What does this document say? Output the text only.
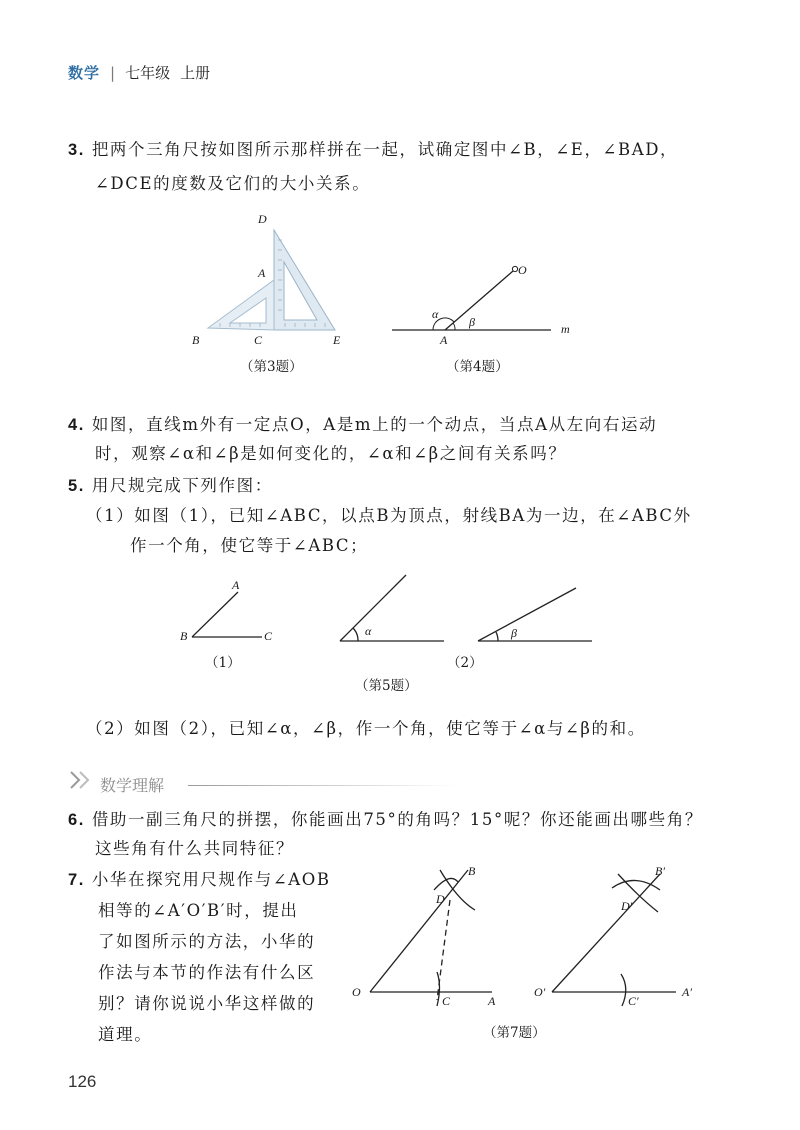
数学 | 七年级 上册
3. 把两个三角尺按如图所示那样拼在一起，试确定图中∠B，∠E，∠BAD，
∠DCE的度数及它们的大小关系。
D
A
B	C	E
（第3题）
O
α
β
A
m
（第4题）
4. 如图，直线m外有一定点O，A是m上的一个动点，当点A从左向右运动
时，观察∠α和∠β是如何变化的，∠α和∠β之间有关系吗？
5. 用尺规完成下列作图：
（1）如图（1），已知∠ABC，以点B为顶点，射线BA为一边，在∠ABC外
作一个角，使它等于∠ABC；
A
B	C	α	β
（1）	（2）
（第5题）
（2）如图（2），已知∠α，∠β，作一个角，使它等于∠α与∠β的和。
数学理解
6. 借助一副三角尺的拼摆，你能画出75°的角吗？15°呢？你还能画出哪些角？
这些角有什么共同特征？
7. 小华在探究用尺规作与∠AOB
相等的∠A′O′B′时，提出
了如图所示的方法，小华的
作法与本节的作法有什么区
别？请你说说小华这样做的
道理。
B
D
O
C	A
B′
D′
O′
C′
A′
（第7题）
126
